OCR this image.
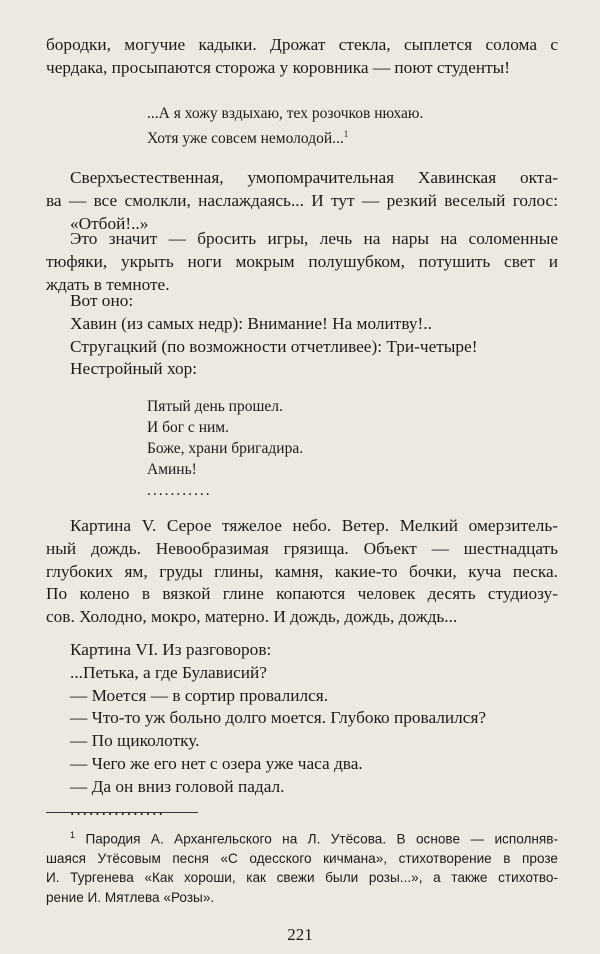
бородки, могучие кадыки. Дрожат стекла, сыплется солома с
чердака, просыпаются сторожа у коровника — поют студенты!
...А я хожу вздыхаю, тех розочков нюхаю.
Хотя уже совсем немолодой...$^1$
Сверхъестественная, умопомрачительная Хавинская окта-
ва — все смолкли, наслаждаясь... И тут — резкий веселый голос:
«Отбой!..»
Это значит — бросить игры, лечь на нары на соломенные
тюфяки, укрыть ноги мокрым полушубком, потушить свет и
ждать в темноте.
Вот оно:
Хавин (из самых недр): Внимание! На молитву!..
Стругацкий (по возможности отчетливее): Три-четыре!
Нестройный хор:
Пятый день прошел.
И бог с ним.
Боже, храни бригадира.
Аминь!
...........
Картина V. Серое тяжелое небо. Ветер. Мелкий омерзитель-
ный дождь. Невообразимая грязища. Объект — шестнадцать
глубоких ям, груды глины, камня, какие-то бочки, куча песка.
По колено в вязкой глине копаются человек десять студиозу-
сов. Холодно, мокро, матерно. И дождь, дождь, дождь...
Картина VI. Из разговоров:
...Петька, а где Булависий?
— Моется — в сортир провалился.
— Что-то уж больно долго моется. Глубоко провалился?
— По щиколотку.
— Чего же его нет с озера уже часа два.
— Да он вниз головой падал.
...............
$^1$ Пародия А. Архангельского на Л. Утёсова. В основе — исполняв-
шаяся Утёсовым песня «С одесского кичмана», стихотворение в прозе
И. Тургенева «Как хороши, как свежи были розы...», а также стихотво-
рение И. Мятлева «Розы».
221
